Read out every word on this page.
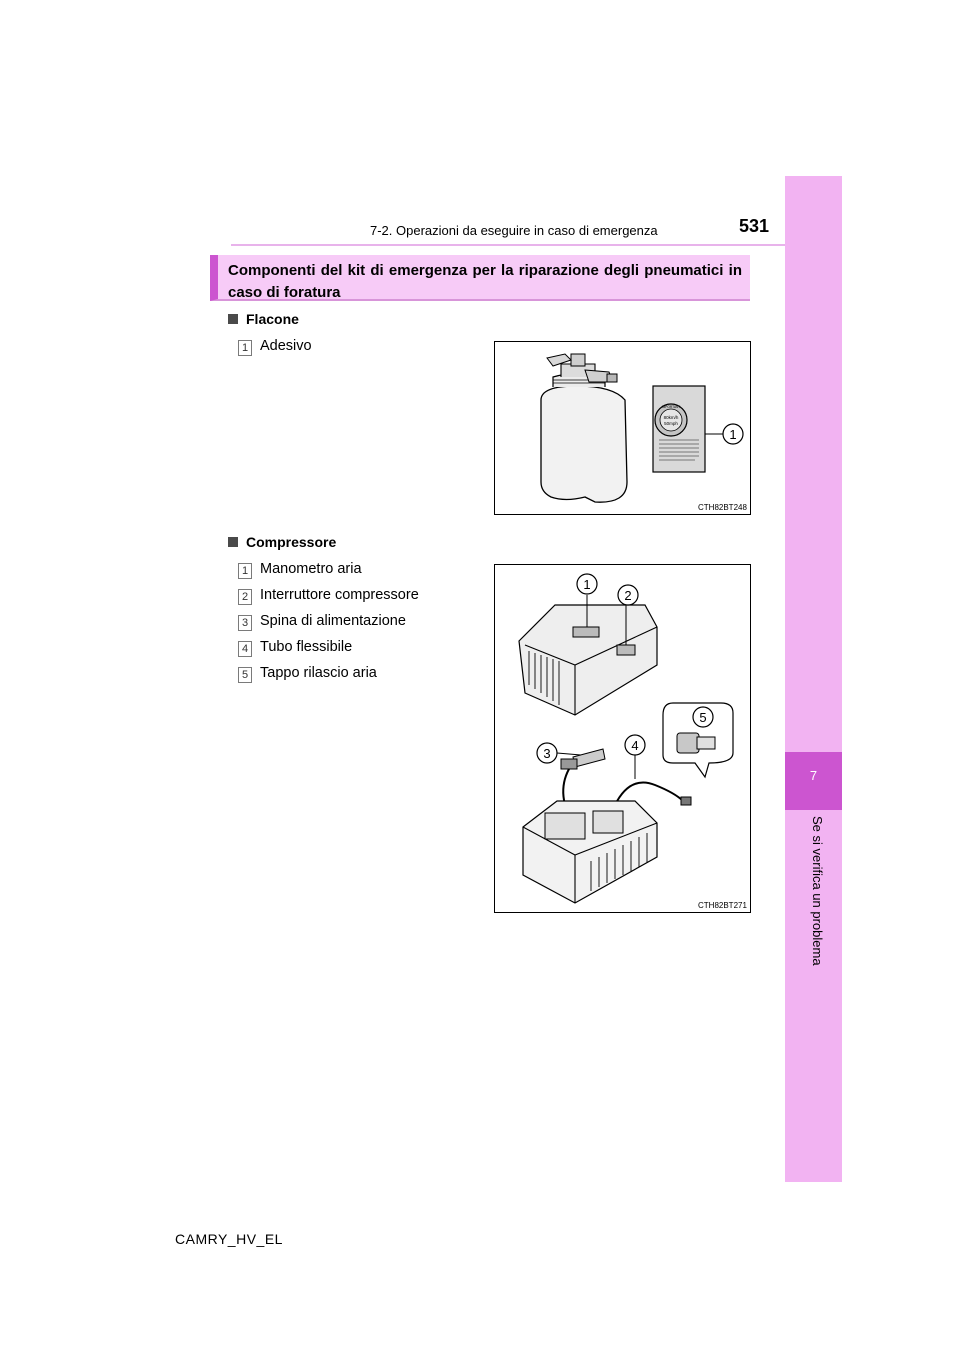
7
Se si verifica un problema
7-2. Operazioni da eseguire in caso di emergenza	531
Componenti del kit di emergenza per la riparazione degli pneumatici in caso di foratura
Flacone
1 Adesivo
80km/h
50mph
IMPORTANT
1
CTH82BT248
Compressore
1 Manometro aria
2 Interruttore compressore
3 Spina di alimentazione
4 Tubo flessibile
5 Tappo rilascio aria
1
2
5
3
4
CTH82BT271
CAMRY_HV_EL
